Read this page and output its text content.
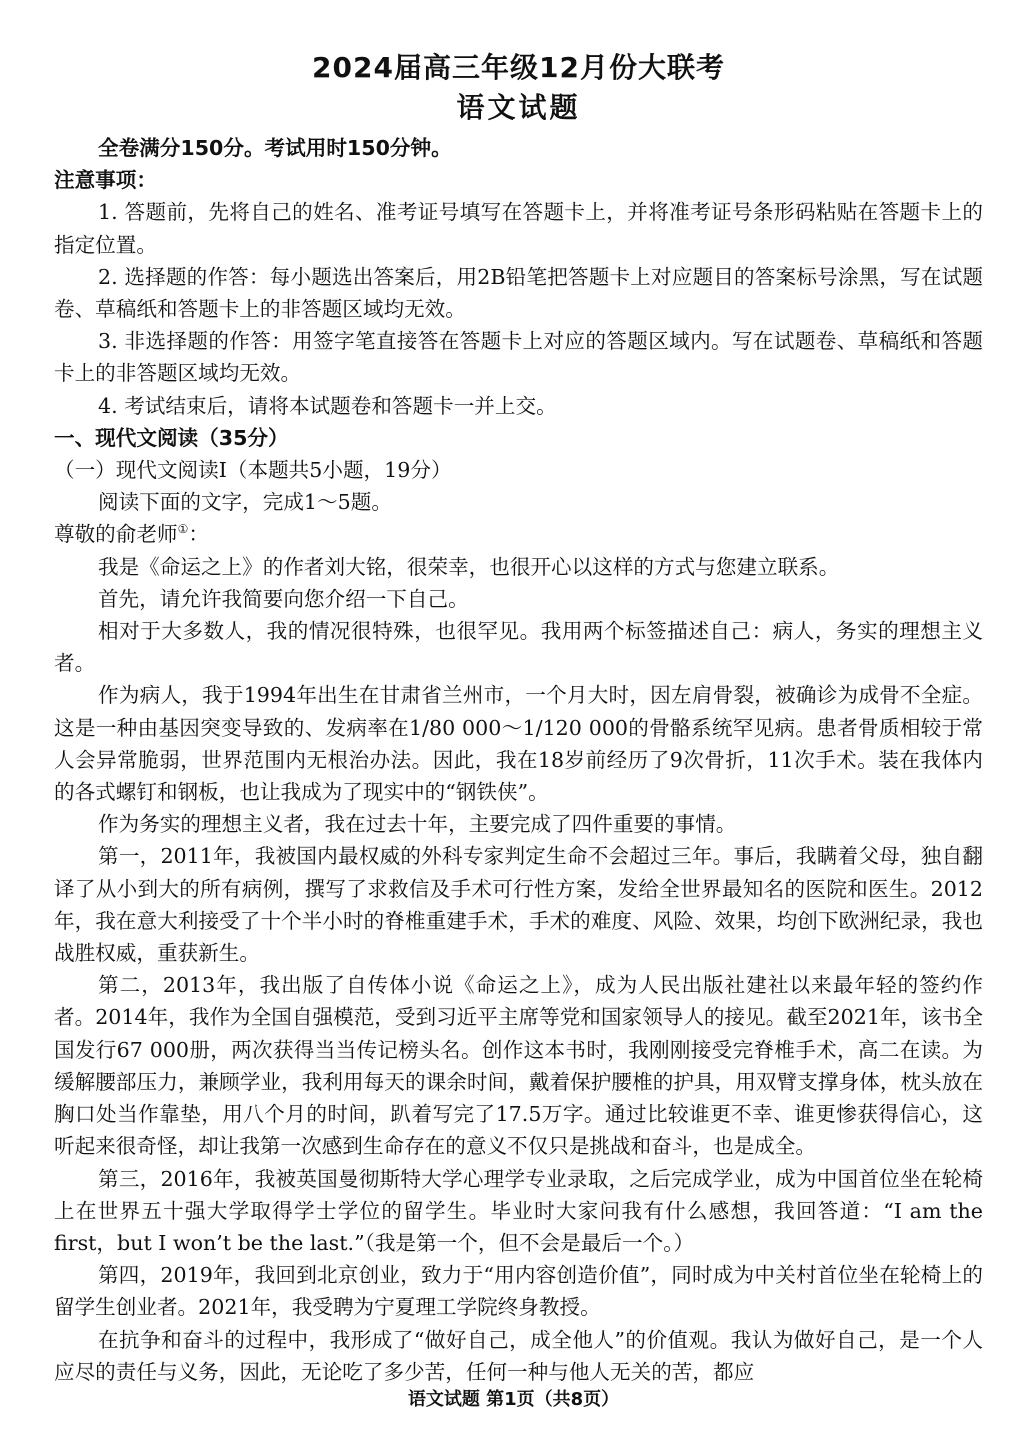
2024届高三年级12月份大联考
语文试题

全卷满分150分。考试用时150分钟。

注意事项：

1. 答题前，先将自己的姓名、准考证号填写在答题卡上，并将准考证号条形码粘贴在答题卡上的指定位置。

2. 选择题的作答：每小题选出答案后，用2B铅笔把答题卡上对应题目的答案标号涂黑，写在试题卷、草稿纸和答题卡上的非答题区域均无效。

3. 非选择题的作答：用签字笔直接答在答题卡上对应的答题区域内。写在试题卷、草稿纸和答题卡上的非答题区域均无效。

4. 考试结束后，请将本试题卷和答题卡一并上交。

一、现代文阅读（35分）

（一）现代文阅读Ⅰ（本题共5小题，19分）

阅读下面的文字，完成1～5题。

尊敬的俞老师①：

我是《命运之上》的作者刘大铭，很荣幸，也很开心以这样的方式与您建立联系。

首先，请允许我简要向您介绍一下自己。

相对于大多数人，我的情况很特殊，也很罕见。我用两个标签描述自己：病人，务实的理想主义者。

作为病人，我于1994年出生在甘肃省兰州市，一个月大时，因左肩骨裂，被确诊为成骨不全症。这是一种由基因突变导致的、发病率在1/80 000～1/120 000的骨骼系统罕见病。患者骨质相较于常人会异常脆弱，世界范围内无根治办法。因此，我在18岁前经历了9次骨折，11次手术。装在我体内的各式螺钉和钢板，也让我成为了现实中的“钢铁侠”。

作为务实的理想主义者，我在过去十年，主要完成了四件重要的事情。

第一，2011年，我被国内最权威的外科专家判定生命不会超过三年。事后，我瞒着父母，独自翻译了从小到大的所有病例，撰写了求救信及手术可行性方案，发给全世界最知名的医院和医生。2012年，我在意大利接受了十个半小时的脊椎重建手术，手术的难度、风险、效果，均创下欧洲纪录，我也战胜权威，重获新生。

第二，2013年，我出版了自传体小说《命运之上》，成为人民出版社建社以来最年轻的签约作者。2014年，我作为全国自强模范，受到习近平主席等党和国家领导人的接见。截至2021年，该书全国发行67 000册，两次获得当当传记榜头名。创作这本书时，我刚刚接受完脊椎手术，高二在读。为缓解腰部压力，兼顾学业，我利用每天的课余时间，戴着保护腰椎的护具，用双臂支撑身体，枕头放在胸口处当作靠垫，用八个月的时间，趴着写完了17.5万字。通过比较谁更不幸、谁更惨获得信心，这听起来很奇怪，却让我第一次感到生命存在的意义不仅只是挑战和奋斗，也是成全。

第三，2016年，我被英国曼彻斯特大学心理学专业录取，之后完成学业，成为中国首位坐在轮椅上在世界五十强大学取得学士学位的留学生。毕业时大家问我有什么感想，我回答道：“I am the first，but I won’t be the last.”（我是第一个，但不会是最后一个。）

第四，2019年，我回到北京创业，致力于“用内容创造价值”，同时成为中关村首位坐在轮椅上的留学生创业者。2021年，我受聘为宁夏理工学院终身教授。

在抗争和奋斗的过程中，我形成了“做好自己，成全他人”的价值观。我认为做好自己，是一个人应尽的责任与义务，因此，无论吃了多少苦，任何一种与他人无关的苦，都应

语文试题 第1页（共8页）
